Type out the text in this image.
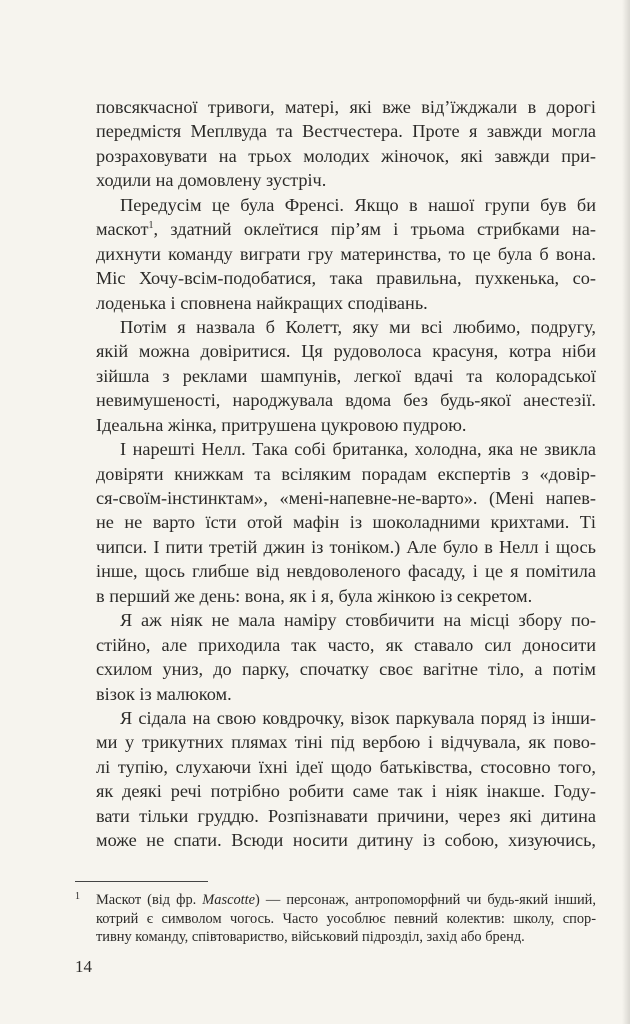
повсякчасної тривоги, матері, які вже від’їжджали в дорогі
передмістя Меплвуда та Вестчестера. Проте я завжди могла
розраховувати на трьох молодих жіночок, які завжди при-
ходили на домовлену зустріч.
Передусім це була Френсі. Якщо в нашої групи був би
маскот$^1$, здатний оклеїтися пір’ям і трьома стрибками на-
дихнути команду виграти гру материнства, то це була б вона.
Міс Хочу-всім-подобатися, така правильна, пухкенька, со-
лоденька і сповнена найкращих сподівань.
Потім я назвала б Колетт, яку ми всі любимо, подругу,
якій можна довіритися. Ця рудоволоса красуня, котра ніби
зійшла з реклами шампунів, легкої вдачі та колорадської
невимушеності, народжувала вдома без будь-якої анестезії.
Ідеальна жінка, притрушена цукровою пудрою.
І нарешті Нелл. Така собі британка, холодна, яка не звикла
довіряти книжкам та всіляким порадам експертів з «довір-
ся-своїм-інстинктам», «мені-напевне-не-варто». (Мені напев-
не не варто їсти отой мафін із шоколадними крихтами. Ті
чипси. І пити третій джин із тоніком.) Але було в Нелл і щось
інше, щось глибше від невдоволеного фасаду, і це я помітила
в перший же день: вона, як і я, була жінкою із секретом.
Я аж ніяк не мала наміру стовбичити на місці збору по-
стійно, але приходила так часто, як ставало сил доносити
схилом униз, до парку, спочатку своє вагітне тіло, а потім
візок із малюком.
Я сідала на свою ковдрочку, візок паркувала поряд із інши-
ми у трикутних плямах тіні під вербою і відчувала, як пово-
лі тупію, слухаючи їхні ідеї щодо батьківства, стосовно того,
як деякі речі потрібно робити саме так і ніяк інакше. Году-
вати тільки груддю. Розпізнавати причини, через які дитина
може не спати. Всюди носити дитину із собою, хизуючись,
1 Маскот (від фр. Mascotte) — персонаж, антропоморфний чи будь-який інший,
котрий є символом чогось. Часто уособлює певний колектив: школу, спор-
тивну команду, співтовариство, військовий підрозділ, захід або бренд.
14
